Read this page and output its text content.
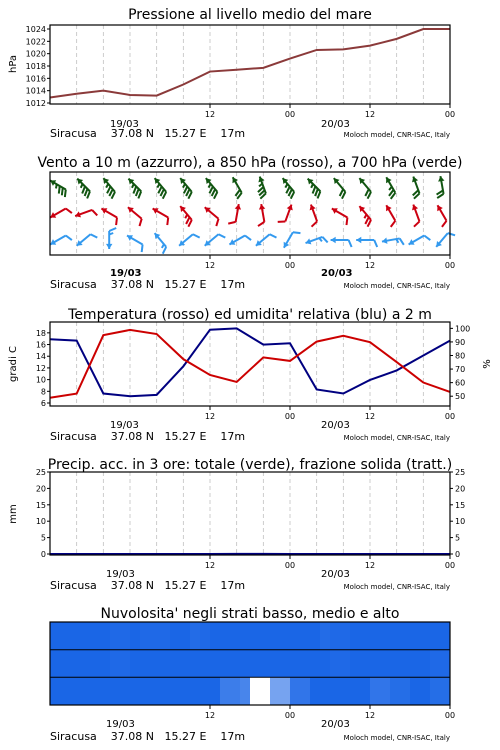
Pressione al livello medio del mare
hPa
1012
1014
1016
1018
1020
1022
1024
12	00	12	00
19/03	20/03
Siracusa    37.08 N   15.27 E    17m	Moloch model, CNR-ISAC, Italy
Vento a 10 m (azzurro), a 850 hPa (rosso), a 700 hPa (verde)
12	00	12	00
19/03	20/03
Siracusa    37.08 N   15.27 E    17m	Moloch model, CNR-ISAC, Italy
Temperatura (rosso) ed umidita' relativa (blu) a 2 m
gradi C	%
6
8
10
12
14
16
18
50
60
70
80
90
100
12	00	12	00
19/03	20/03
Siracusa    37.08 N   15.27 E    17m	Moloch model, CNR-ISAC, Italy
Precip. acc. in 3 ore: totale (verde), frazione solida (tratt.)
mm
0
5
10
15
20
25
0
5
10
15
20
25
12	00	12	00
19/03	20/03
Siracusa    37.08 N   15.27 E    17m	Moloch model, CNR-ISAC, Italy
Nuvolosita' negli strati basso, medio e alto
12	00	12	00
19/03	20/03
Siracusa    37.08 N   15.27 E    17m	Moloch model, CNR-ISAC, Italy
